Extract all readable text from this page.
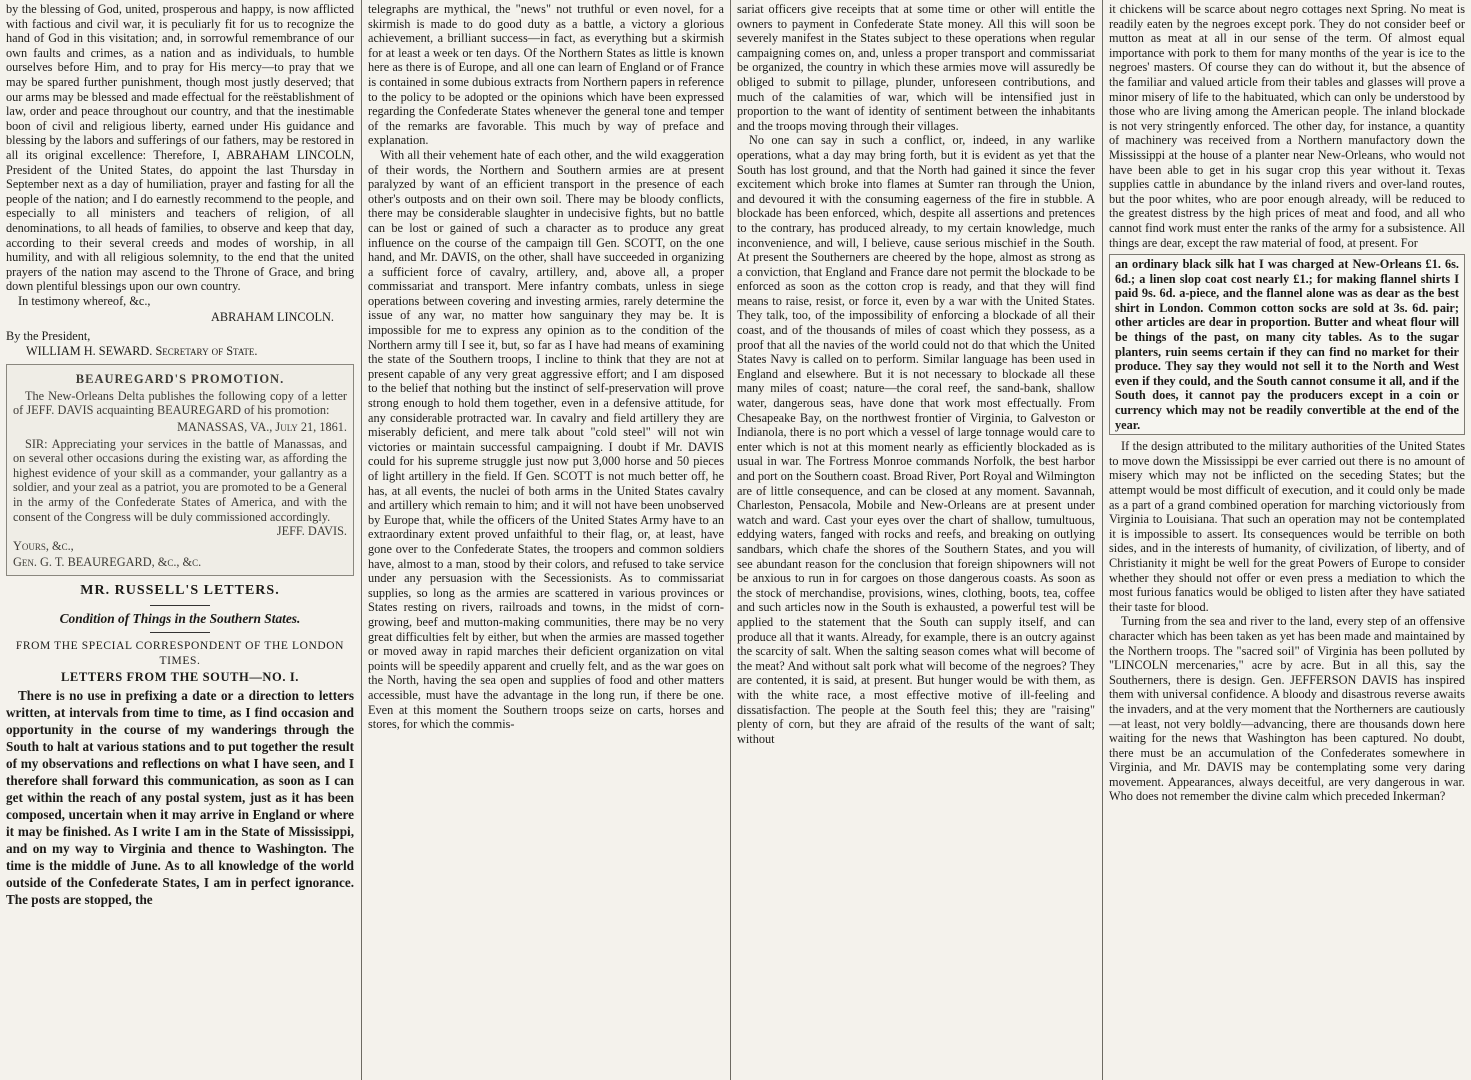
by the blessing of God, united, prosperous and happy, is now afflicted with factious and civil war, it is peculiarly fit for us to recognize the hand of God in this visitation; and, in sorrowful remembrance of our own faults and crimes, as a nation and as individuals, to humble ourselves before Him, and to pray for His mercy—to pray that we may be spared further punishment, though most justly deserved; that our arms may be blessed and made effectual for the reëstablishment of law, order and peace throughout our country, and that the inestimable boon of civil and religious liberty, earned under His guidance and blessing by the labors and sufferings of our fathers, may be restored in all its original excellence: Therefore, I, ABRAHAM LINCOLN, President of the United States, do appoint the last Thursday in September next as a day of humiliation, prayer and fasting for all the people of the nation; and I do earnestly recommend to the people, and especially to all ministers and teachers of religion, of all denominations, to all heads of families, to observe and keep that day, according to their several creeds and modes of worship, in all humility, and with all religious solemnity, to the end that the united prayers of the nation may ascend to the Throne of Grace, and bring down plentiful blessings upon our own country.

In testimony whereof, &c.,

ABRAHAM LINCOLN.
By the President,
WILLIAM H. SEWARD. Secretary of State.
BEAUREGARD'S PROMOTION.

The New-Orleans Delta publishes the following copy of a letter of JEFF. DAVIS acquainting BEAUREGARD of his promotion:

MANASSAS, VA., July 21, 1861.

SIR: Appreciating your services in the battle of Manassas, and on several other occasions during the existing war, as affording the highest evidence of your skill as a commander, your gallantry as a soldier, and your zeal as a patriot, you are promoted to be a General in the army of the Confederate States of America, and with the consent of the Congress will be duly commissioned accordingly.

JEFF. DAVIS.
Yours, &c.,
Gen. G. T. BEAUREGARD, &c., &c.
MR. RUSSELL'S LETTERS.
Condition of Things in the Southern States.
FROM THE SPECIAL CORRESPONDENT OF THE LONDON TIMES.
LETTERS FROM THE SOUTH—NO. I.

There is no use in prefixing a date or a direction to letters written, at intervals from time to time, as I find occasion and opportunity in the course of my wanderings through the South to halt at various stations and to put together the result of my observations and reflections on what I have seen, and I therefore shall forward this communication, as soon as I can get within the reach of any postal system, just as it has been composed, uncertain when it may arrive in England or where it may be finished. As I write I am in the State of Mississippi, and on my way to Virginia and thence to Washington. The time is the middle of June. As to all knowledge of the world outside of the Confederate States, I am in perfect ignorance. The posts are stopped, the

telegraphs are mythical, the "news" not truthful or even novel, for a skirmish is made to do good duty as a battle, a victory a glorious achievement, a brilliant success—in fact, as everything but a skirmish for at least a week or ten days. Of the Northern States as little is known here as there is of Europe, and all one can learn of England or of France is contained in some dubious extracts from Northern papers in reference to the policy to be adopted or the opinions which have been expressed regarding the Confederate States whenever the general tone and temper of the remarks are favorable. This much by way of preface and explanation.

With all their vehement hate of each other, and the wild exaggeration of their words, the Northern and Southern armies are at present paralyzed by want of an efficient transport in the presence of each other's outposts and on their own soil. There may be bloody conflicts, there may be considerable slaughter in undecisive fights, but no battle can be lost or gained of such a character as to produce any great influence on the course of the campaign till Gen. SCOTT, on the one hand, and Mr. DAVIS, on the other, shall have succeeded in organizing a sufficient force of cavalry, artillery, and, above all, a proper commissariat and transport. Mere infantry combats, unless in siege operations between covering and investing armies, rarely determine the issue of any war, no matter how sanguinary they may be. It is impossible for me to express any opinion as to the condition of the Northern army till I see it, but, so far as I have had means of examining the state of the Southern troops, I incline to think that they are not at present capable of any very great aggressive effort; and I am disposed to the belief that nothing but the instinct of self-preservation will prove strong enough to hold them together, even in a defensive attitude, for any considerable protracted war. In cavalry and field artillery they are miserably deficient, and mere talk about "cold steel" will not win victories or maintain successful campaigning. I doubt if Mr. DAVIS could for his supreme struggle just now put 3,000 horse and 50 pieces of light artillery in the field. If Gen. SCOTT is not much better off, he has, at all events, the nuclei of both arms in the United States cavalry and artillery which remain to him; and it will not have been unobserved by Europe that, while the officers of the United States Army have to an extraordinary extent proved unfaithful to their flag, or, at least, have gone over to the Confederate States, the troopers and common soldiers have, almost to a man, stood by their colors, and refused to take service under any persuasion with the Secessionists. As to commissariat supplies, so long as the armies are scattered in various provinces or States resting on rivers, railroads and towns, in the midst of corn-growing, beef and mutton-making communities, there may be no very great difficulties felt by either, but when the armies are massed together or moved away in rapid marches their deficient organization on vital points will be speedily apparent and cruelly felt, and as the war goes on the North, having the sea open and supplies of food and other matters accessible, must have the advantage in the long run, if there be one. Even at this moment the Southern troops seize on carts, horses and stores, for which the commis-

sariat officers give receipts that at some time or other will entitle the owners to payment in Confederate State money. All this will soon be severely manifest in the States subject to these operations when regular campaigning comes on, and, unless a proper transport and commissariat be organized, the country in which these armies move will assuredly be obliged to submit to pillage, plunder, unforeseen contributions, and much of the calamities of war, which will be intensified just in proportion to the want of identity of sentiment between the inhabitants and the troops moving through their villages.

No one can say in such a conflict, or, indeed, in any warlike operations, what a day may bring forth, but it is evident as yet that the South has lost ground, and that the North had gained it since the fever excitement which broke into flames at Sumter ran through the Union, and devoured it with the consuming eagerness of the fire in stubble. A blockade has been enforced, which, despite all assertions and pretences to the contrary, has produced already, to my certain knowledge, much inconvenience, and will, I believe, cause serious mischief in the South. At present the Southerners are cheered by the hope, almost as strong as a conviction, that England and France dare not permit the blockade to be enforced as soon as the cotton crop is ready, and that they will find means to raise, resist, or force it, even by a war with the United States. They talk, too, of the impossibility of enforcing a blockade of all their coast, and of the thousands of miles of coast which they possess, as a proof that all the navies of the world could not do that which the United States Navy is called on to perform. Similar language has been used in England and elsewhere. But it is not necessary to blockade all these many miles of coast; nature—the coral reef, the sand-bank, shallow water, dangerous seas, have done that work most effectually. From Chesapeake Bay, on the northwest frontier of Virginia, to Galveston or Indianola, there is no port which a vessel of large tonnage would care to enter which is not at this moment nearly as efficiently blockaded as is usual in war. The Fortress Monroe commands Norfolk, the best harbor and port on the Southern coast. Broad River, Port Royal and Wilmington are of little consequence, and can be closed at any moment. Savannah, Charleston, Pensacola, Mobile and New-Orleans are at present under watch and ward. Cast your eyes over the chart of shallow, tumultuous, eddying waters, fanged with rocks and reefs, and breaking on outlying sandbars, which chafe the shores of the Southern States, and you will see abundant reason for the conclusion that foreign shipowners will not be anxious to run in for cargoes on those dangerous coasts. As soon as the stock of merchandise, provisions, wines, clothing, boots, tea, coffee and such articles now in the South is exhausted, a powerful test will be applied to the statement that the South can supply itself, and can produce all that it wants. Already, for example, there is an outcry against the scarcity of salt. When the salting season comes what will become of the meat? And without salt pork what will become of the negroes? They are contented, it is said, at present. But hunger would be with them, as with the white race, a most effective motive of ill-feeling and dissatisfaction. The people at the South feel this; they are "raising" plenty of corn, but they are afraid of the results of the want of salt; without

it chickens will be scarce about negro cottages next Spring. No meat is readily eaten by the negroes except pork. They do not consider beef or mutton as meat at all in our sense of the term. Of almost equal importance with pork to them for many months of the year is ice to the negroes' masters. Of course they can do without it, but the absence of the familiar and valued article from their tables and glasses will prove a minor misery of life to the habituated, which can only be understood by those who are living among the American people. The inland blockade is not very stringently enforced. The other day, for instance, a quantity of machinery was received from a Northern manufactory down the Mississippi at the house of a planter near New-Orleans, who would not have been able to get in his sugar crop this year without it. Texas supplies cattle in abundance by the inland rivers and over-land routes, but the poor whites, who are poor enough already, will be reduced to the greatest distress by the high prices of meat and food, and all who cannot find work must enter the ranks of the army for a subsistence. All things are dear, except the raw material of food, at present. For

an ordinary black silk hat I was charged at New-Orleans £1. 6s. 6d.; a linen slop coat cost nearly £1.; for making flannel shirts I paid 9s. 6d. a-piece, and the flannel alone was as dear as the best shirt in London. Common cotton socks are sold at 3s. 6d. pair; other articles are dear in proportion. Butter and wheat flour will be things of the past, on many city tables. As to the sugar planters, ruin seems certain if they can find no market for their produce. They say they would not sell it to the North and West even if they could, and the South cannot consume it all, and if the South does, it cannot pay the producers except in a coin or currency which may not be readily convertible at the end of the year.

If the design attributed to the military authorities of the United States to move down the Mississippi be ever carried out there is no amount of misery which may not be inflicted on the seceding States; but the attempt would be most difficult of execution, and it could only be made as a part of a grand combined operation for marching victoriously from Virginia to Louisiana. That such an operation may not be contemplated it is impossible to assert. Its consequences would be terrible on both sides, and in the interests of humanity, of civilization, of liberty, and of Christianity it might be well for the great Powers of Europe to consider whether they should not offer or even press a mediation to which the most furious fanatics would be obliged to listen after they have satiated their taste for blood.

Turning from the sea and river to the land, every step of an offensive character which has been taken as yet has been made and maintained by the Northern troops. The "sacred soil" of Virginia has been polluted by "LINCOLN mercenaries," acre by acre. But in all this, say the Southerners, there is design. Gen. JEFFERSON DAVIS has inspired them with universal confidence. A bloody and disastrous reverse awaits the invaders, and at the very moment that the Northerners are cautiously—at least, not very boldly—advancing, there are thousands down here waiting for the news that Washington has been captured. No doubt, there must be an accumulation of the Confederates somewhere in Virginia, and Mr. DAVIS may be contemplating some very daring movement. Appearances, always deceitful, are very dangerous in war. Who does not remember the divine calm which preceded Inkerman?
